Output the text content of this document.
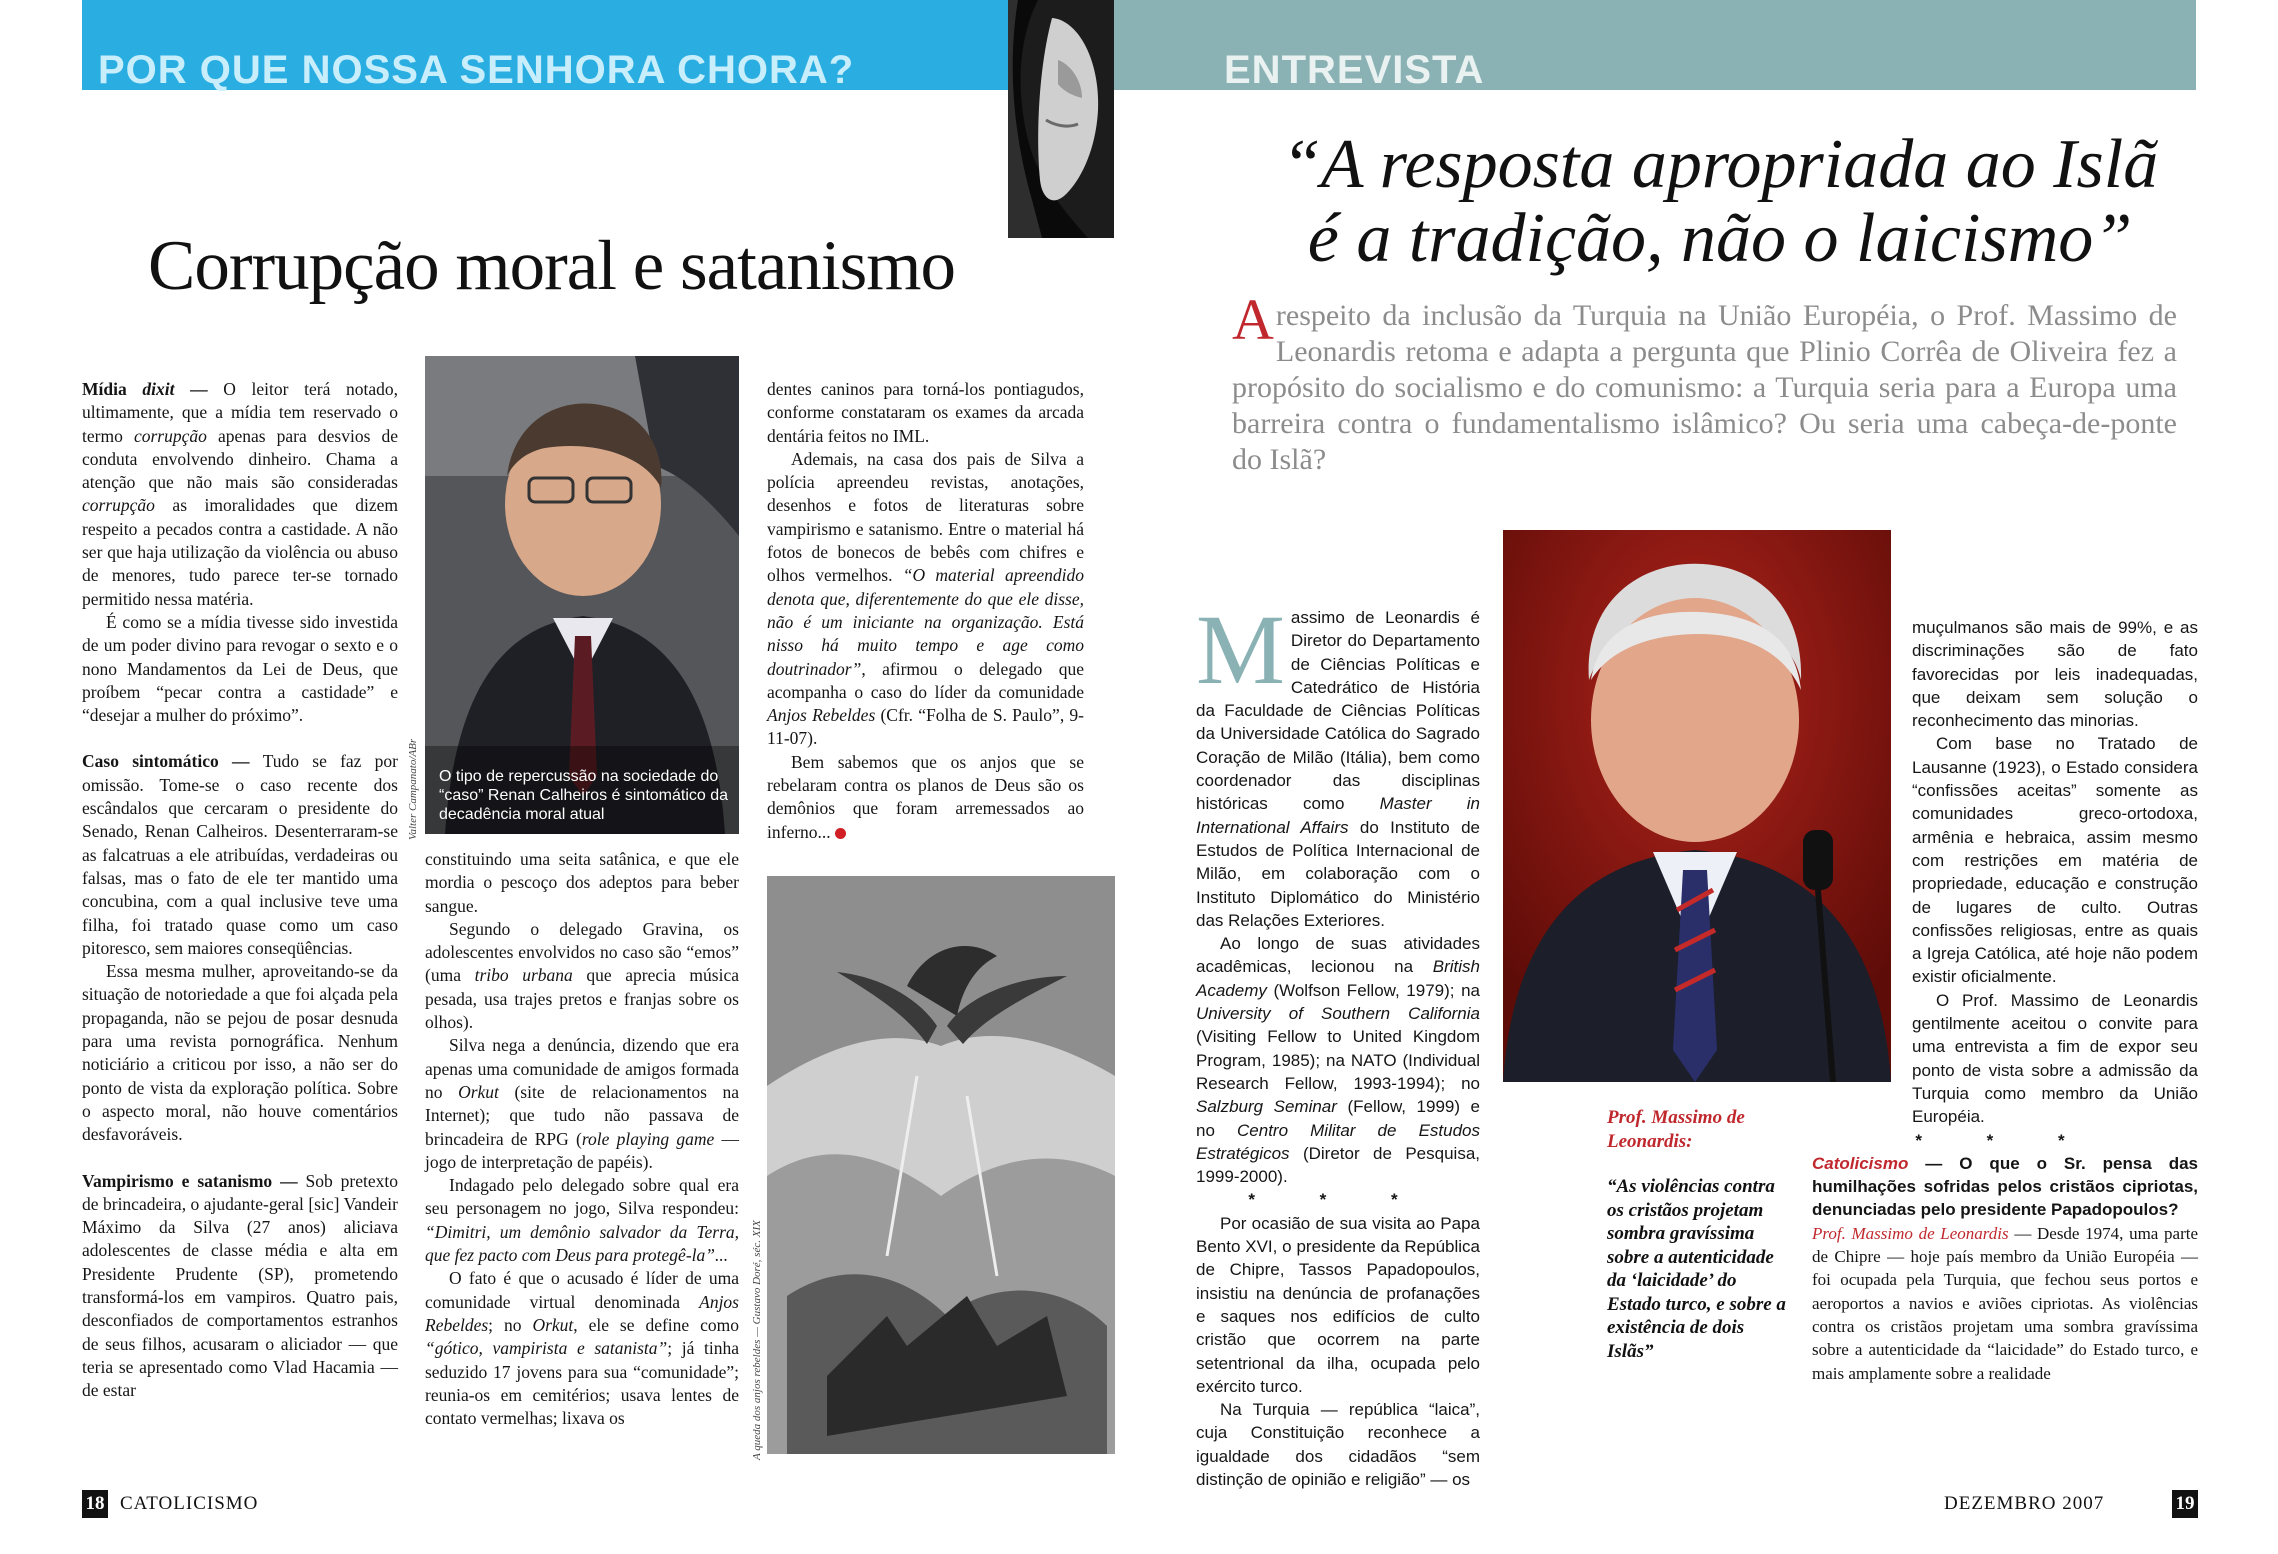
POR QUE NOSSA SENHORA CHORA?	ENTREVISTA
Corrupção moral e satanismo
“A resposta apropriada ao Islã
é a tradição, não o laicismo”
A respeito da inclusão da Turquia na União Européia, o Prof. Massimo de Leonardis retoma e adapta a pergunta que Plinio Corrêa de Oliveira fez a propósito do socialismo e do comunismo: a Turquia seria para a Europa uma barreira contra o fundamentalismo islâmico? Ou seria uma cabeça-de-ponte do Islã?

Mídia dixit — O leitor terá notado, ultimamente, que a mídia tem reservado o termo corrupção apenas para desvios de conduta envolvendo dinheiro. Chama a atenção que não mais são consideradas corrupção as imoralidades que dizem respeito a pecados contra a castidade. A não ser que haja utilização da violência ou abuso de menores, tudo parece ter-se tornado permitido nessa matéria.

É como se a mídia tivesse sido investida de um poder divino para revogar o sexto e o nono Mandamentos da Lei de Deus, que proíbem “pecar contra a castidade” e “desejar a mulher do próximo”.

Caso sintomático — Tudo se faz por omissão. Tome-se o caso recente dos escândalos que cercaram o presidente do Senado, Renan Calheiros. Desenterraram-se as falcatruas a ele atribuídas, verdadeiras ou falsas, mas o fato de ele ter mantido uma concubina, com a qual inclusive teve uma filha, foi tratado quase como um caso pitoresco, sem maiores conseqüências.

Essa mesma mulher, aproveitando-se da situação de notoriedade a que foi alçada pela propaganda, não se pejou de posar desnuda para uma revista pornográfica. Nenhum noticiário a criticou por isso, a não ser do ponto de vista da exploração política. Sobre o aspecto moral, não houve comentários desfavoráveis.

Vampirismo e satanismo — Sob pretexto de brincadeira, o ajudante-geral [sic] Vandeir Máximo da Silva (27 anos) aliciava adolescentes de classe média e alta em Presidente Prudente (SP), prometendo transformá-los em vampiros. Quatro pais, desconfiados de comportamentos estranhos de seus filhos, acusaram o aliciador — que teria se apresentado como Vlad Hacamia — de estar

O tipo de repercussão na sociedade do “caso” Renan Calheiros é sintomático da decadência moral atual
Valter Campanato/ABr

constituindo uma seita satânica, e que ele mordia o pescoço dos adeptos para beber sangue.

Segundo o delegado Gravina, os adolescentes envolvidos no caso são “emos” (uma tribo urbana que aprecia música pesada, usa trajes pretos e franjas sobre os olhos).

Silva nega a denúncia, dizendo que era apenas uma comunidade de amigos formada no Orkut (site de relacionamentos na Internet); que tudo não passava de brincadeira de RPG (role playing game — jogo de interpretação de papéis).

Indagado pelo delegado sobre qual era seu personagem no jogo, Silva respondeu: “Dimitri, um demônio salvador da Terra, que fez pacto com Deus para protegê-la”...

O fato é que o acusado é líder de uma comunidade virtual denominada Anjos Rebeldes; no Orkut, ele se define como “gótico, vampirista e satanista”; já tinha seduzido 17 jovens para sua “comunidade”; reunia-os em cemitérios; usava lentes de contato vermelhas; lixava os

dentes caninos para torná-los pontiagudos, conforme constataram os exames da arcada dentária feitos no IML.

Ademais, na casa dos pais de Silva a polícia apreendeu revistas, anotações, desenhos e fotos de literaturas sobre vampirismo e satanismo. Entre o material há fotos de bonecos de bebês com chifres e olhos vermelhos. “O material apreendido denota que, diferentemente do que ele disse, não é um iniciante na organização. Está nisso há muito tempo e age como doutrinador”, afirmou o delegado que acompanha o caso do líder da comunidade Anjos Rebeldes (Cfr. “Folha de S. Paulo”, 9-11-07).

Bem sabemos que os anjos que se rebelaram contra os planos de Deus são os demônios que foram arremessados ao inferno...

A queda dos anjos rebeldes — Gustavo Doré, séc. XIX

Massimo de Leonardis é Diretor do Departamento de Ciências Políticas e Catedrático de História da Faculdade de Ciências Políticas da Universidade Católica do Sagrado Coração de Milão (Itália), bem como coordenador das disciplinas históricas como Master in International Affairs do Instituto de Estudos de Política Internacional de Milão, em colaboração com o Instituto Diplomático do Ministério das Relações Exteriores.

Ao longo de suas atividades acadêmicas, lecionou na British Academy (Wolfson Fellow, 1979); na University of Southern California (Visiting Fellow to United Kingdom Program, 1985); na NATO (Individual Research Fellow, 1993-1994); no Salzburg Seminar (Fellow, 1999) e no Centro Militar de Estudos Estratégicos (Diretor de Pesquisa, 1999-2000).

* * *

Por ocasião de sua visita ao Papa Bento XVI, o presidente da República de Chipre, Tassos Papadopoulos, insistiu na denúncia de profanações e saques nos edifícios de culto cristão que ocorrem na parte setentrional da ilha, ocupada pelo exército turco.

Na Turquia — república “laica”, cuja Constituição reconhece a igualdade dos cidadãos “sem distinção de opinião e religião” — os

Prof. Massimo de Leonardis:
“As violências contra os cristãos projetam sombra gravíssima sobre a autenticidade da ‘laicidade’ do Estado turco, e sobre a existência de dois Islãs”

muçulmanos são mais de 99%, e as discriminações são de fato favorecidas por leis inadequadas, que deixam sem solução o reconhecimento das minorias.

Com base no Tratado de Lausanne (1923), o Estado considera “confissões aceitas” somente as comunidades greco-ortodoxa, armênia e hebraica, assim mesmo com restrições em matéria de propriedade, educação e construção de lugares de culto. Outras confissões religiosas, entre as quais a Igreja Católica, até hoje não podem existir oficialmente.

O Prof. Massimo de Leonardis gentilmente aceitou o convite para uma entrevista a fim de expor seu ponto de vista sobre a admissão da Turquia como membro da União Européia.

* * *

Catolicismo — O que o Sr. pensa das humilhações sofridas pelos cristãos cipriotas, denunciadas pelo presidente Papadopoulos?

Prof. Massimo de Leonardis — Desde 1974, uma parte de Chipre — hoje país membro da União Européia — foi ocupada pela Turquia, que fechou seus portos e aeroportos a navios e aviões cipriotas. As violências contra os cristãos projetam uma sombra gravíssima sobre a autenticidade da “laicidade” do Estado turco, e mais amplamente sobre a realidade

18 CATOLICISMO	DEZEMBRO 2007	19
